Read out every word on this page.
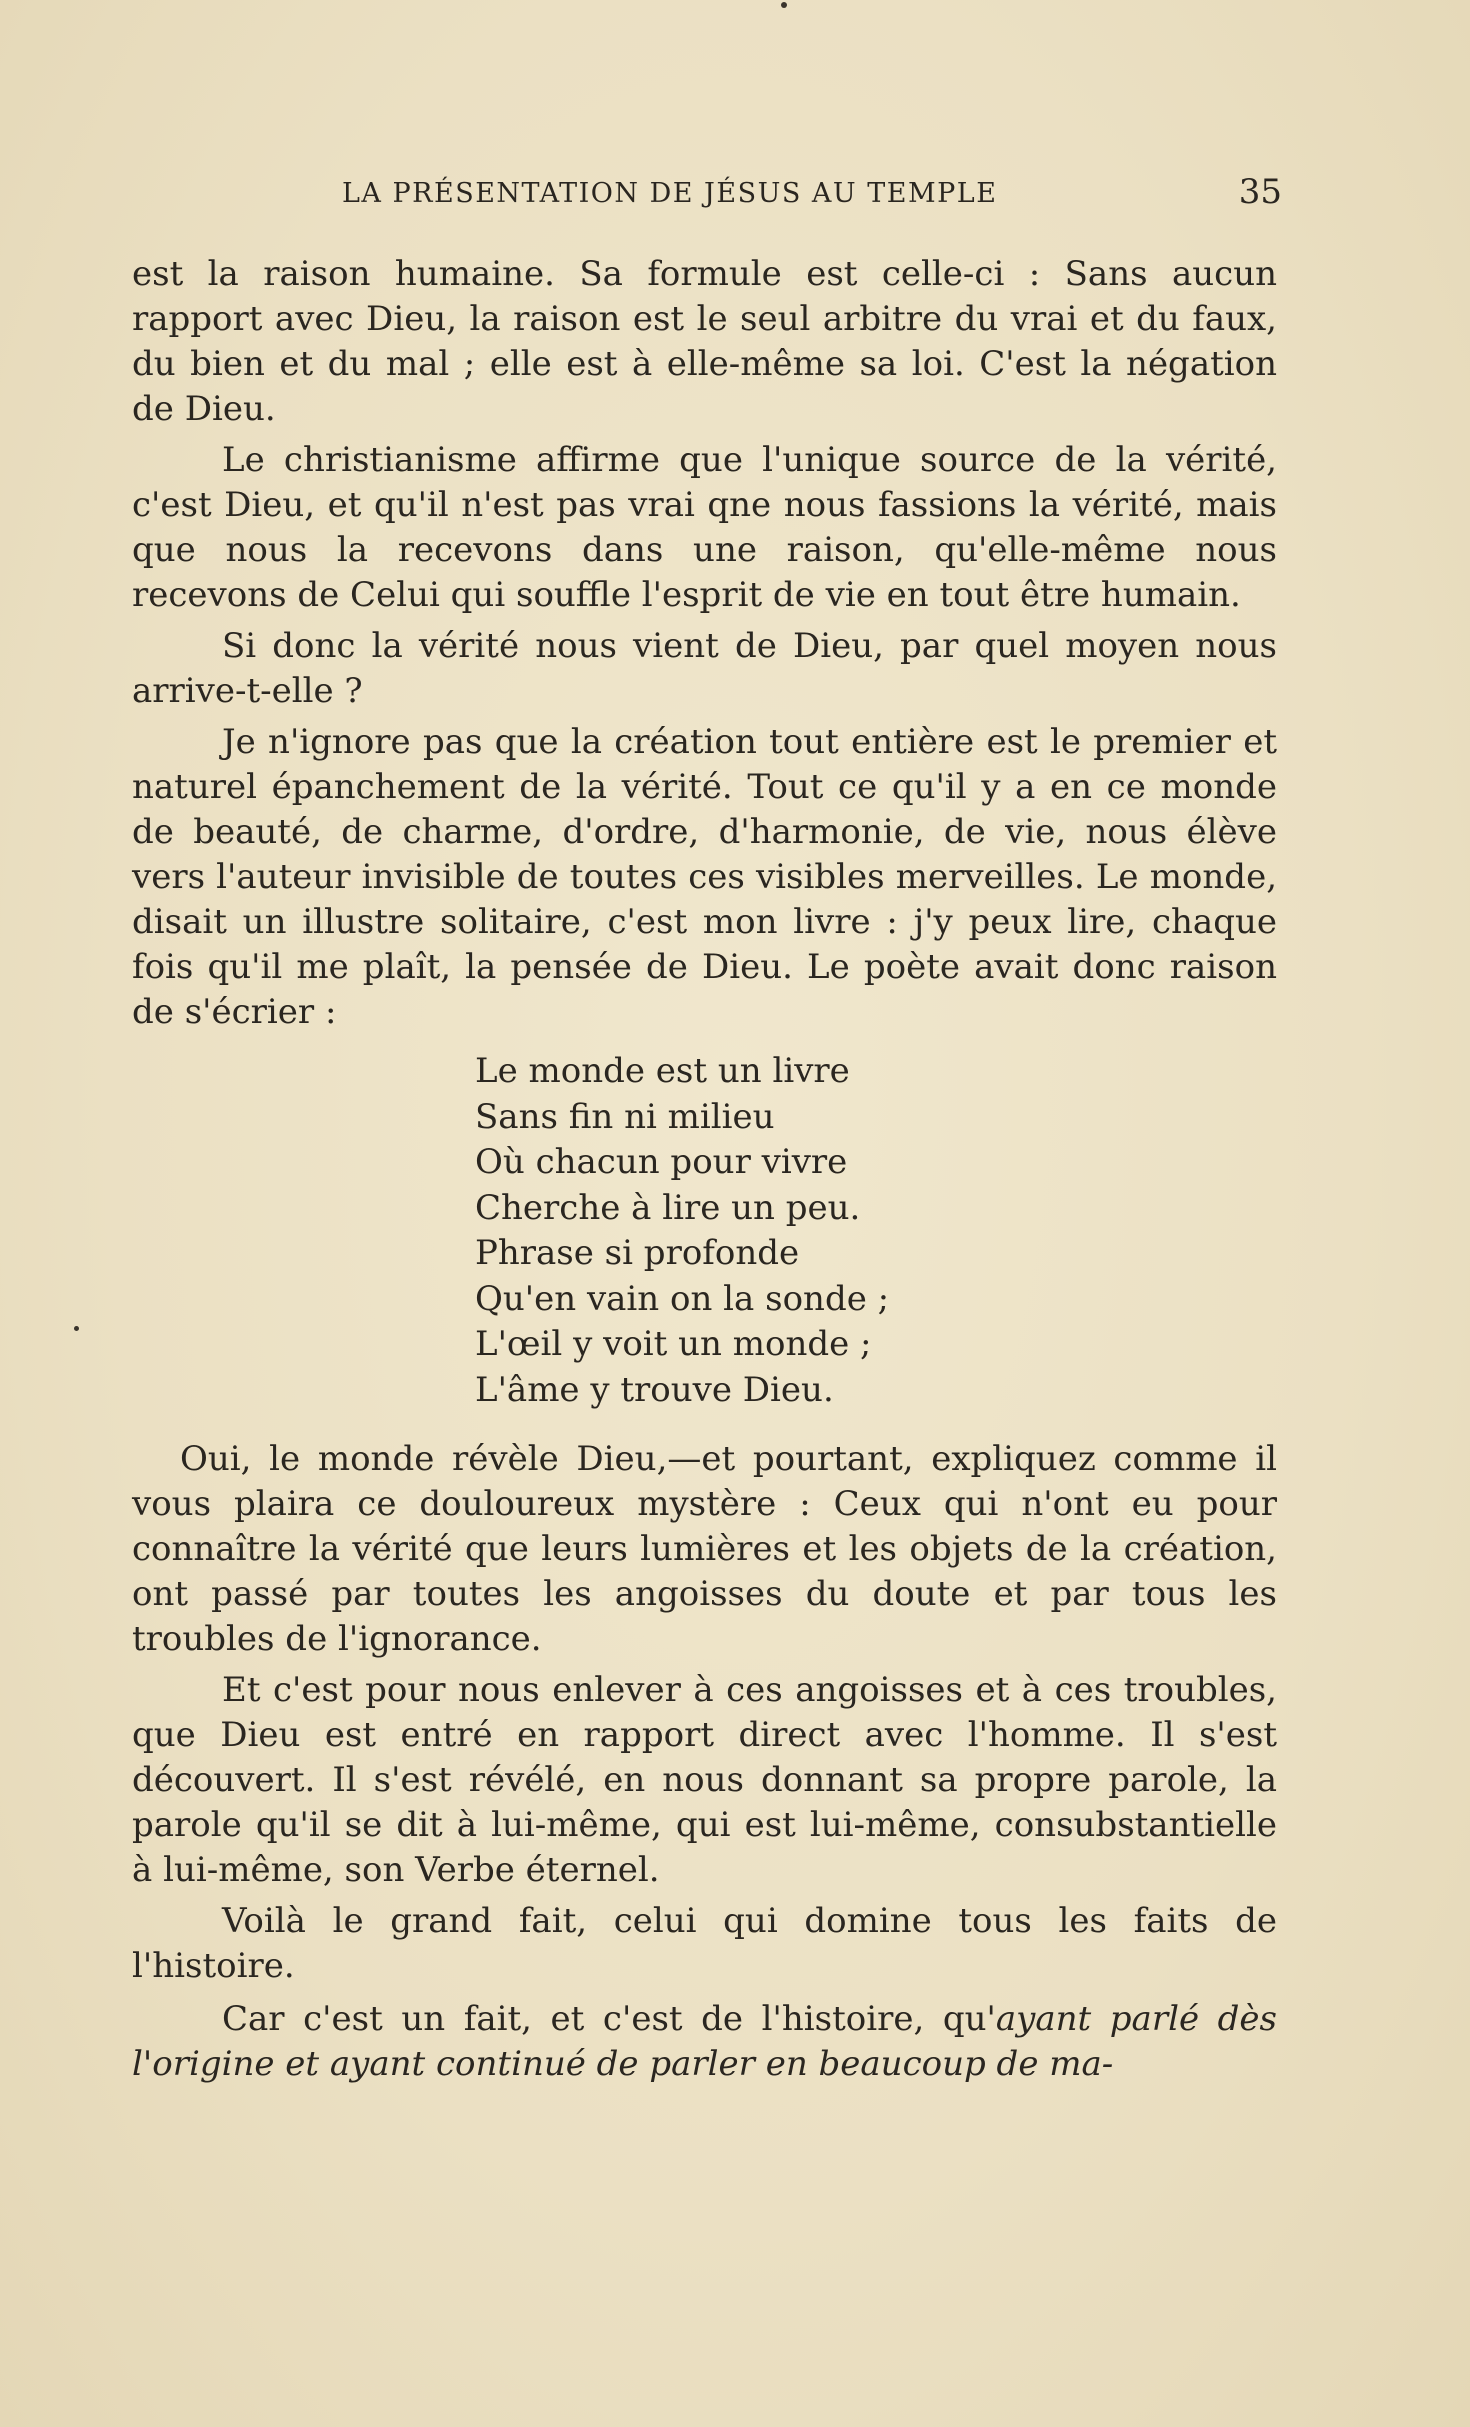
LA PRÉSENTATION DE JÉSUS AU TEMPLE	35

est la raison humaine. Sa formule est celle-ci : Sans aucun rapport avec Dieu, la raison est le seul arbitre du vrai et du faux, du bien et du mal ; elle est à elle-même sa loi. C'est la négation de Dieu.

Le christianisme affirme que l'unique source de la vérité, c'est Dieu, et qu'il n'est pas vrai qne nous fassions la vérité, mais que nous la recevons dans une raison, qu'elle-même nous recevons de Celui qui souffle l'esprit de vie en tout être humain.

Si donc la vérité nous vient de Dieu, par quel moyen nous arrive-t-elle ?

Je n'ignore pas que la création tout entière est le premier et naturel épanchement de la vérité. Tout ce qu'il y a en ce monde de beauté, de charme, d'ordre, d'harmonie, de vie, nous élève vers l'auteur invisible de toutes ces visibles merveilles. Le monde, disait un illustre solitaire, c'est mon livre : j'y peux lire, chaque fois qu'il me plaît, la pensée de Dieu. Le poète avait donc raison de s'écrier :

Le monde est un livre
Sans fin ni milieu
Où chacun pour vivre
Cherche à lire un peu.
Phrase si profonde
Qu'en vain on la sonde ;
L'œil y voit un monde ;
L'âme y trouve Dieu.

Oui, le monde révèle Dieu,—et pourtant, expliquez comme il vous plaira ce douloureux mystère : Ceux qui n'ont eu pour connaître la vérité que leurs lumières et les objets de la création, ont passé par toutes les angoisses du doute et par tous les troubles de l'ignorance.

Et c'est pour nous enlever à ces angoisses et à ces troubles, que Dieu est entré en rapport direct avec l'homme. Il s'est découvert. Il s'est révélé, en nous donnant sa propre parole, la parole qu'il se dit à lui-même, qui est lui-même, consubstantielle à lui-même, son Verbe éternel.

Voilà le grand fait, celui qui domine tous les faits de l'histoire.

Car c'est un fait, et c'est de l'histoire, qu'ayant parlé dès l'origine et ayant continué de parler en beaucoup de ma-
